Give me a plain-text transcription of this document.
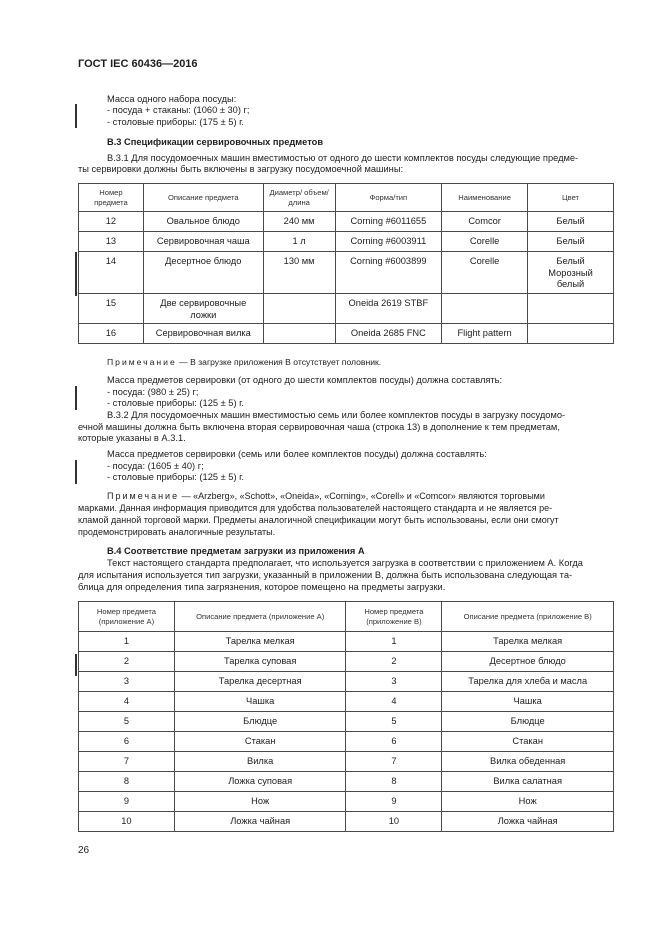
ГОСТ IEC 60436—2016
Масса одного набора посуды:
- посуда + стаканы: (1060 ± 30) г;
- столовые приборы: (175 ± 5) г.
В.3 Спецификации сервировочных предметов
В.3.1 Для посудомоечных машин вместимостью от одного до шести комплектов посуды следующие предме-
ты сервировки должны быть включены в загрузку посудомоечной машины:
Номер предмета	Описание предмета	Диаметр/ объем/длина	Форма/тип	Наименование	Цвет
12	Овальное блюдо	240 мм	Corning #6011655	Comcor	Белый
13	Сервировочная чаша	1 л	Corning #6003911	Corelle	Белый
14	Десертное блюдо	130 мм	Corning #6003899	Corelle	Белый Морозный белый
15	Две сервировочные ложки		Oneida 2619 STBF		
16	Сервировочная вилка		Oneida 2685 FNC	Flight pattern	
Примечание — В загрузке приложения В отсутствует половник.
Масса предметов сервировки (от одного до шести комплектов посуды) должна составлять:
- посуда: (980 ± 25) г;
- столовые приборы: (125 ± 5) г.
В.3.2 Для посудомоечных машин вместимостью семь или более комплектов посуды в загрузку посудомо-
ечной машины должна быть включена вторая сервировочная чаша (строка 13) в дополнение к тем предметам,
которые указаны в А.3.1.
Масса предметов сервировки (семь или более комплектов посуды) должна составлять:
- посуда: (1605 ± 40) г;
- столовые приборы: (125 ± 5) г.
Примечание — «Arzberg», «Schott», «Oneida», «Corning», «Corell» и «Comcor» являются торговыми
марками. Данная информация приводится для удобства пользователей настоящего стандарта и не является ре-
кламой данной торговой марки. Предметы аналогичной спецификации могут быть использованы, если они смогут
продемонстрировать аналогичные результаты.
В.4 Соответствие предметам загрузки из приложения А
Текст настоящего стандарта предполагает, что используется загрузка в соответствии с приложением А. Когда
для испытания используется тип загрузки, указанный в приложении В, должна быть использована следующая та-
блица для определения типа загрязнения, которое помещено на предметы загрузки.
Номер предмета (приложение А)	Описание предмета (приложение А)	Номер предмета (приложение В)	Описание предмета (приложение В)
1	Тарелка мелкая	1	Тарелка мелкая
2	Тарелка суповая	2	Десертное блюдо
3	Тарелка десертная	3	Тарелка для хлеба и масла
4	Чашка	4	Чашка
5	Блюдце	5	Блюдце
6	Стакан	6	Стакан
7	Вилка	7	Вилка обеденная
8	Ложка суповая	8	Вилка салатная
9	Нож	9	Нож
10	Ложка чайная	10	Ложка чайная
26
